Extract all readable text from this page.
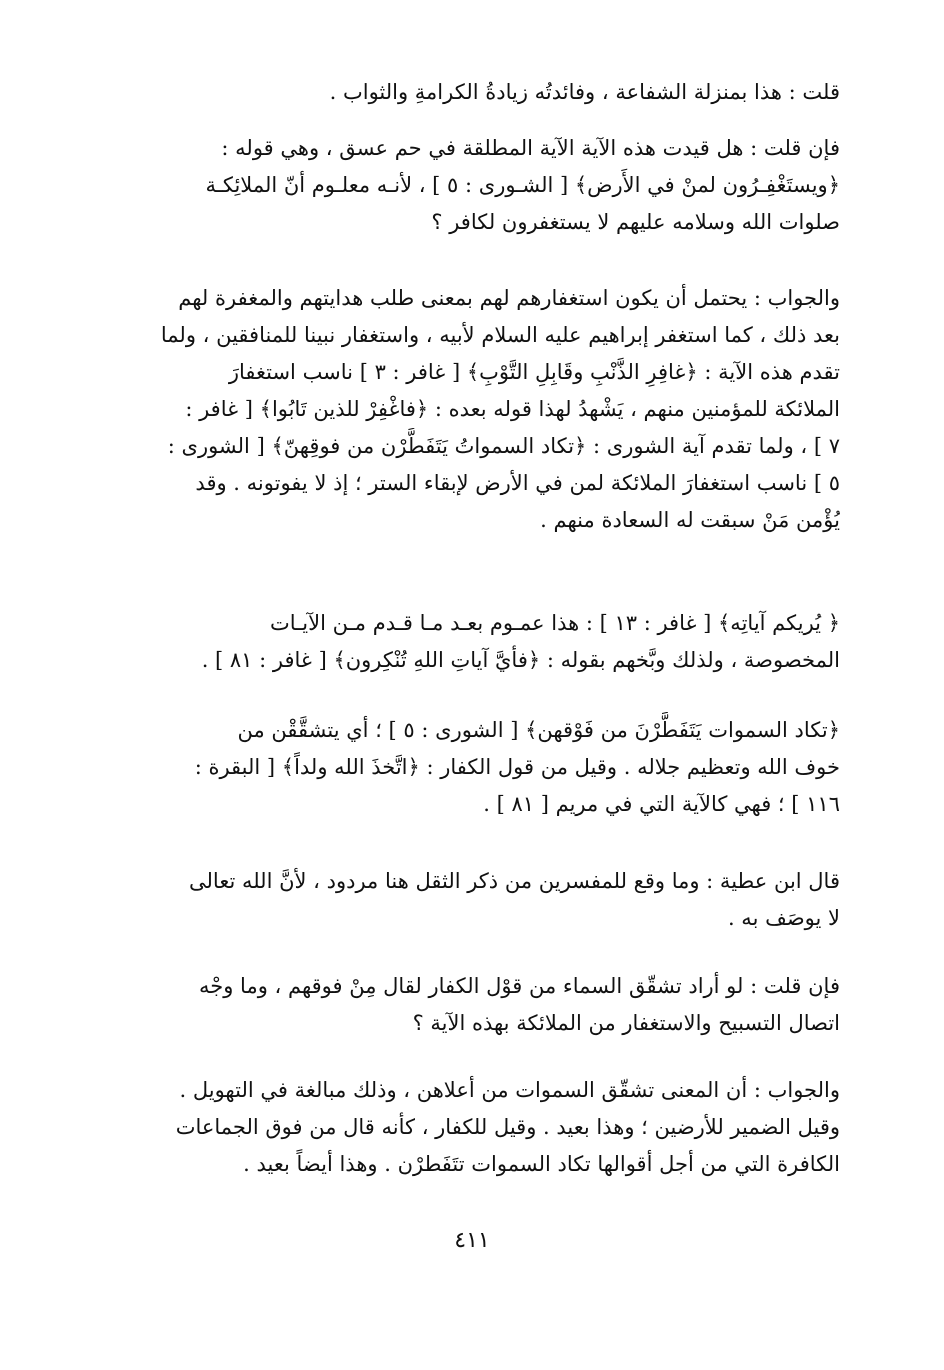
قلت : هذا بمنزلة الشفاعة ، وفائدتُه زيادةُ الكرامةِ والثواب .

فإن قلت : هل قيدت هذه الآية الآية المطلقة في حم عسق ، وهي قوله :
﴿ويستَغْفِـرُون لمنْ في الأَرض﴾ [ الشـورى : ٥ ] ، لأنـه معلـوم أنّ الملائِكـة
صلوات الله وسلامه عليهم لا يستغفرون لكافر ؟

والجواب : يحتمل أن يكون استغفارهم لهم بمعنى طلب هدايتهم والمغفرة لهم
بعد ذلك ، كما استغفر إبراهيم عليه السلام لأبيه ، واستغفار نبينا للمنافقين ، ولما
تقدم هذه الآية : ﴿غافِرِ الذَّنْبِ وقَابِلِ التَّوْبِ﴾ [ غافر : ٣ ] ناسب استغفارَ
الملائكة للمؤمنين منهم ، يَشْهدُ لهذا قوله بعده : ﴿فاغْفِرْ للذين تَابُوا﴾ [ غافر :
٧ ] ، ولما تقدم آية الشورى : ﴿تكاد السمواتُ يَتَفَطَّرْن من فوقِهنّ﴾ [ الشورى :
٥ ] ناسب استغفارَ الملائكة لمن في الأرض لإبقاء الستر ؛ إذ لا يفوتونه . وقد
يُؤْمن مَنْ سبقت له السعادة منهم .

﴿ يُريكم آياتِه﴾ [ غافر : ١٣ ] : هذا عمـوم بعـد مـا قـدم مـن الآيـات
المخصوصة ، ولذلك وبَّخهم بقوله : ﴿فأيَّ آياتِ اللهِ تُنْكِرون﴾ [ غافر : ٨١ ] .

﴿تكاد السموات يَتَفَطَّرْنَ من فَوْقهن﴾ [ الشورى : ٥ ] ؛ أي يتشقَّقْن من
خوف الله وتعظيم جلاله . وقيل من قول الكفار : ﴿اتَّخذَ الله ولداً﴾ [ البقرة :
١١٦ ] ؛ فهي كالآية التي في مريم [ ٨١ ] .

قال ابن عطية : وما وقع للمفسرين من ذكر الثقل هنا مردود ، لأنَّ الله تعالى
لا يوصَف به .

فإن قلت : لو أراد تشقّق السماء من قوْل الكفار لقال مِنْ فوقهم ، وما وجْه
اتصال التسبيح والاستغفار من الملائكة بهذه الآية ؟

والجواب : أن المعنى تشقّق السموات من أعلاهن ، وذلك مبالغة في التهويل .
وقيل الضمير للأرضين ؛ وهذا بعيد . وقيل للكفار ، كأنه قال من فوق الجماعات
الكافرة التي من أجل أقوالها تكاد السموات تتَفَطرْن . وهذا أيضاً بعيد .

٤١١
